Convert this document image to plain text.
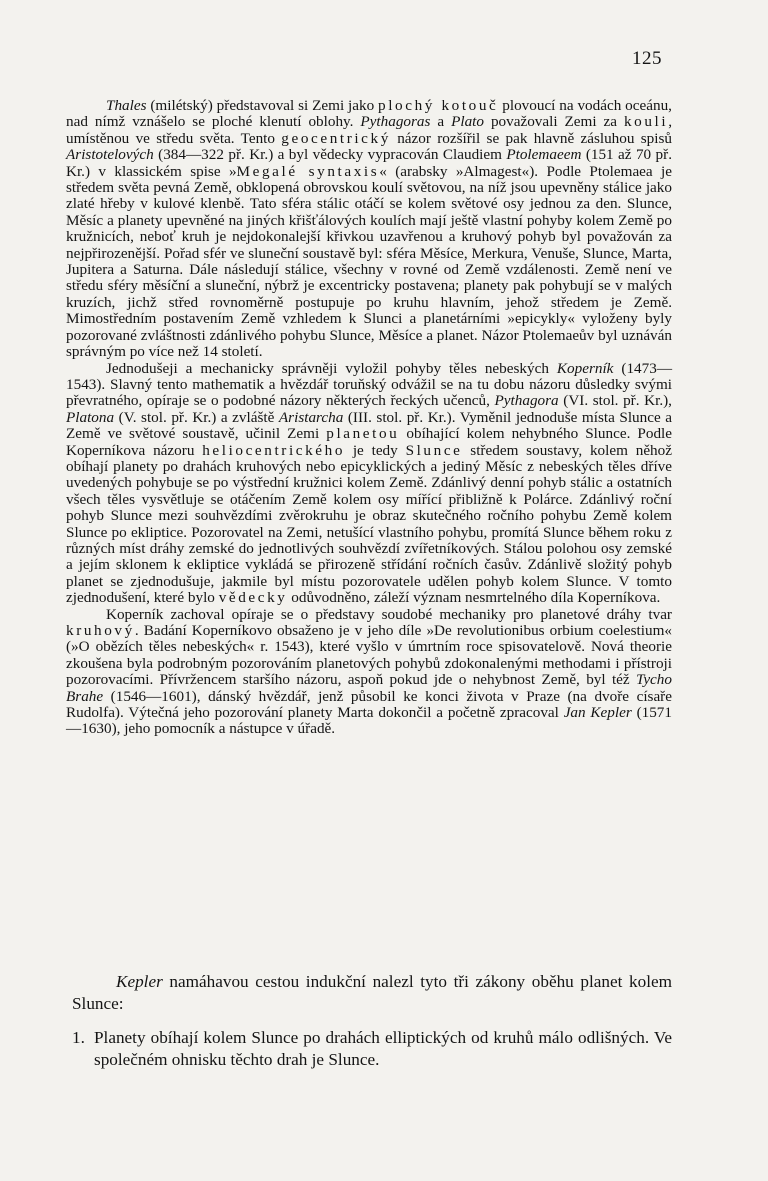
125

Thales (milétský) představoval si Zemi jako plochý kotouč plovoucí na vodách oceánu, nad nímž vznášelo se ploché klenutí oblohy. Pythagoras a Plato považovali Zemi za kouli, umístěnou ve středu světa. Tento geocentrický názor rozšířil se pak hlavně zásluhou spisů Aristotelových (384—322 př. Kr.) a byl vědecky vypracován Claudiem Ptolemaeem (151 až 70 př. Kr.) v klassickém spise »Megalé syntaxis« (arabsky »Almagest«). Podle Ptolemaea je středem světa pevná Země, obklopená obrovskou koulí světovou, na níž jsou upevněny stálice jako zlaté hřeby v kulové klenbě. Tato sféra stálic otáčí se kolem světové osy jednou za den. Slunce, Měsíc a planety upevněné na jiných křišťálových koulích mají ještě vlastní pohyby kolem Země po kružnicích, neboť kruh je nejdokonalejší křivkou uzavřenou a kruhový pohyb byl považován za nejpřirozenější. Pořad sfér ve sluneční soustavě byl: sféra Měsíce, Merkura, Venuše, Slunce, Marta, Jupitera a Saturna. Dále následují stálice, všechny v rovné od Země vzdálenosti. Země není ve středu sféry měsíční a sluneční, nýbrž je excentricky postavena; planety pak pohybují se v malých kruzích, jichž střed rovnoměrně postupuje po kruhu hlavním, jehož středem je Země. Mimostředním postavením Země vzhledem k Slunci a planetárními »epicykly« vyloženy byly pozorované zvláštnosti zdánlivého pohybu Slunce, Měsíce a planet. Názor Ptolemaeův byl uznáván správným po více než 14 století.

Jednodušeji a mechanicky správněji vyložil pohyby těles nebeských Koperník (1473—1543). Slavný tento mathematik a hvězdář toruňský odvážil se na tu dobu názoru důsledky svými převratného, opíraje se o podobné názory některých řeckých učenců, Pythagora (VI. stol. př. Kr.), Platona (V. stol. př. Kr.) a zvláště Aristarcha (III. stol. př. Kr.). Vyměnil jednoduše místa Slunce a Země ve světové soustavě, učinil Zemi planetou obíhající kolem nehybného Slunce. Podle Koperníkova názoru heliocentrického je tedy Slunce středem soustavy, kolem něhož obíhají planety po drahách kruhových nebo epicyklických a jediný Měsíc z nebeských těles dříve uvedených pohybuje se po výstřední kružnici kolem Země. Zdánlivý denní pohyb stálic a ostatních všech těles vysvětluje se otáčením Země kolem osy mířící přibližně k Polárce. Zdánlivý roční pohyb Slunce mezi souhvězdími zvěrokruhu je obraz skutečného ročního pohybu Země kolem Slunce po ekliptice. Pozorovatel na Zemi, netušící vlastního pohybu, promítá Slunce během roku z různých míst dráhy zemské do jednotlivých souhvězdí zvířetníkových. Stálou polohou osy zemské a jejím sklonem k ekliptice vykládá se přirozeně střídání ročních časův. Zdánlivě složitý pohyb planet se zjednodušuje, jakmile byl místu pozorovatele udělen pohyb kolem Slunce. V tomto zjednodušení, které bylo vědecky odůvodněno, záleží význam nesmrtelného díla Koperníkova.

Koperník zachoval opíraje se o představy soudobé mechaniky pro planetové dráhy tvar kruhový. Badání Koperníkovo obsaženo je v jeho díle »De revolutionibus orbium coelestium« (»O obězích těles nebeských« r. 1543), které vyšlo v úmrtním roce spisovatelově. Nová theorie zkoušena byla podrobným pozorováním planetových pohybů zdokonalenými methodami i přístroji pozorovacími. Přívržencem staršího názoru, aspoň pokud jde o nehybnost Země, byl též Tycho Brahe (1546—1601), dánský hvězdář, jenž působil ke konci života v Praze (na dvoře císaře Rudolfa). Výtečná jeho pozorování planety Marta dokončil a početně zpracoval Jan Kepler (1571—1630), jeho pomocník a nástupce v úřadě.

Kepler namáhavou cestou indukční nalezl tyto tři zákony oběhu planet kolem Slunce:

1. Planety obíhají kolem Slunce po drahách elliptických od kruhů málo odlišných. Ve společném ohnisku těchto drah je Slunce.
